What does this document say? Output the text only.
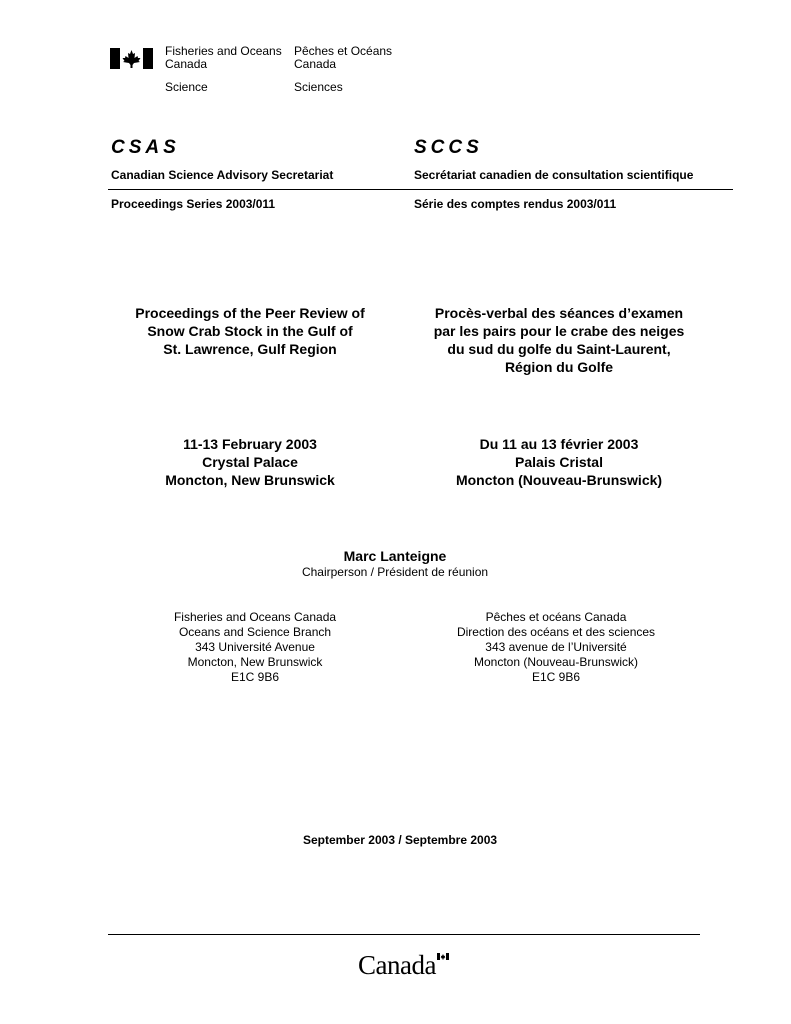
Fisheries and Oceans
Canada
Pêches et Océans
Canada
Science	Sciences
CSAS	SCCS
Canadian Science Advisory Secretariat	Secrétariat canadien de consultation scientifique
Proceedings Series 2003/011	Série des comptes rendus 2003/011
Proceedings of the Peer Review of
Snow Crab Stock in the Gulf of
St. Lawrence, Gulf Region
Procès-verbal des séances d’examen
par les pairs pour le crabe des neiges
du sud du golfe du Saint-Laurent,
Région du Golfe
11-13 February 2003
Crystal Palace
Moncton, New Brunswick
Du 11 au 13 février 2003
Palais Cristal
Moncton (Nouveau-Brunswick)
Marc Lanteigne
Chairperson / Président de réunion
Fisheries and Oceans Canada
Oceans and Science Branch
343 Université Avenue
Moncton, New Brunswick
E1C 9B6
Pêches et océans Canada
Direction des océans et des sciences
343 avenue de l’Université
Moncton (Nouveau-Brunswick)
E1C 9B6
September 2003 / Septembre 2003
Canada
